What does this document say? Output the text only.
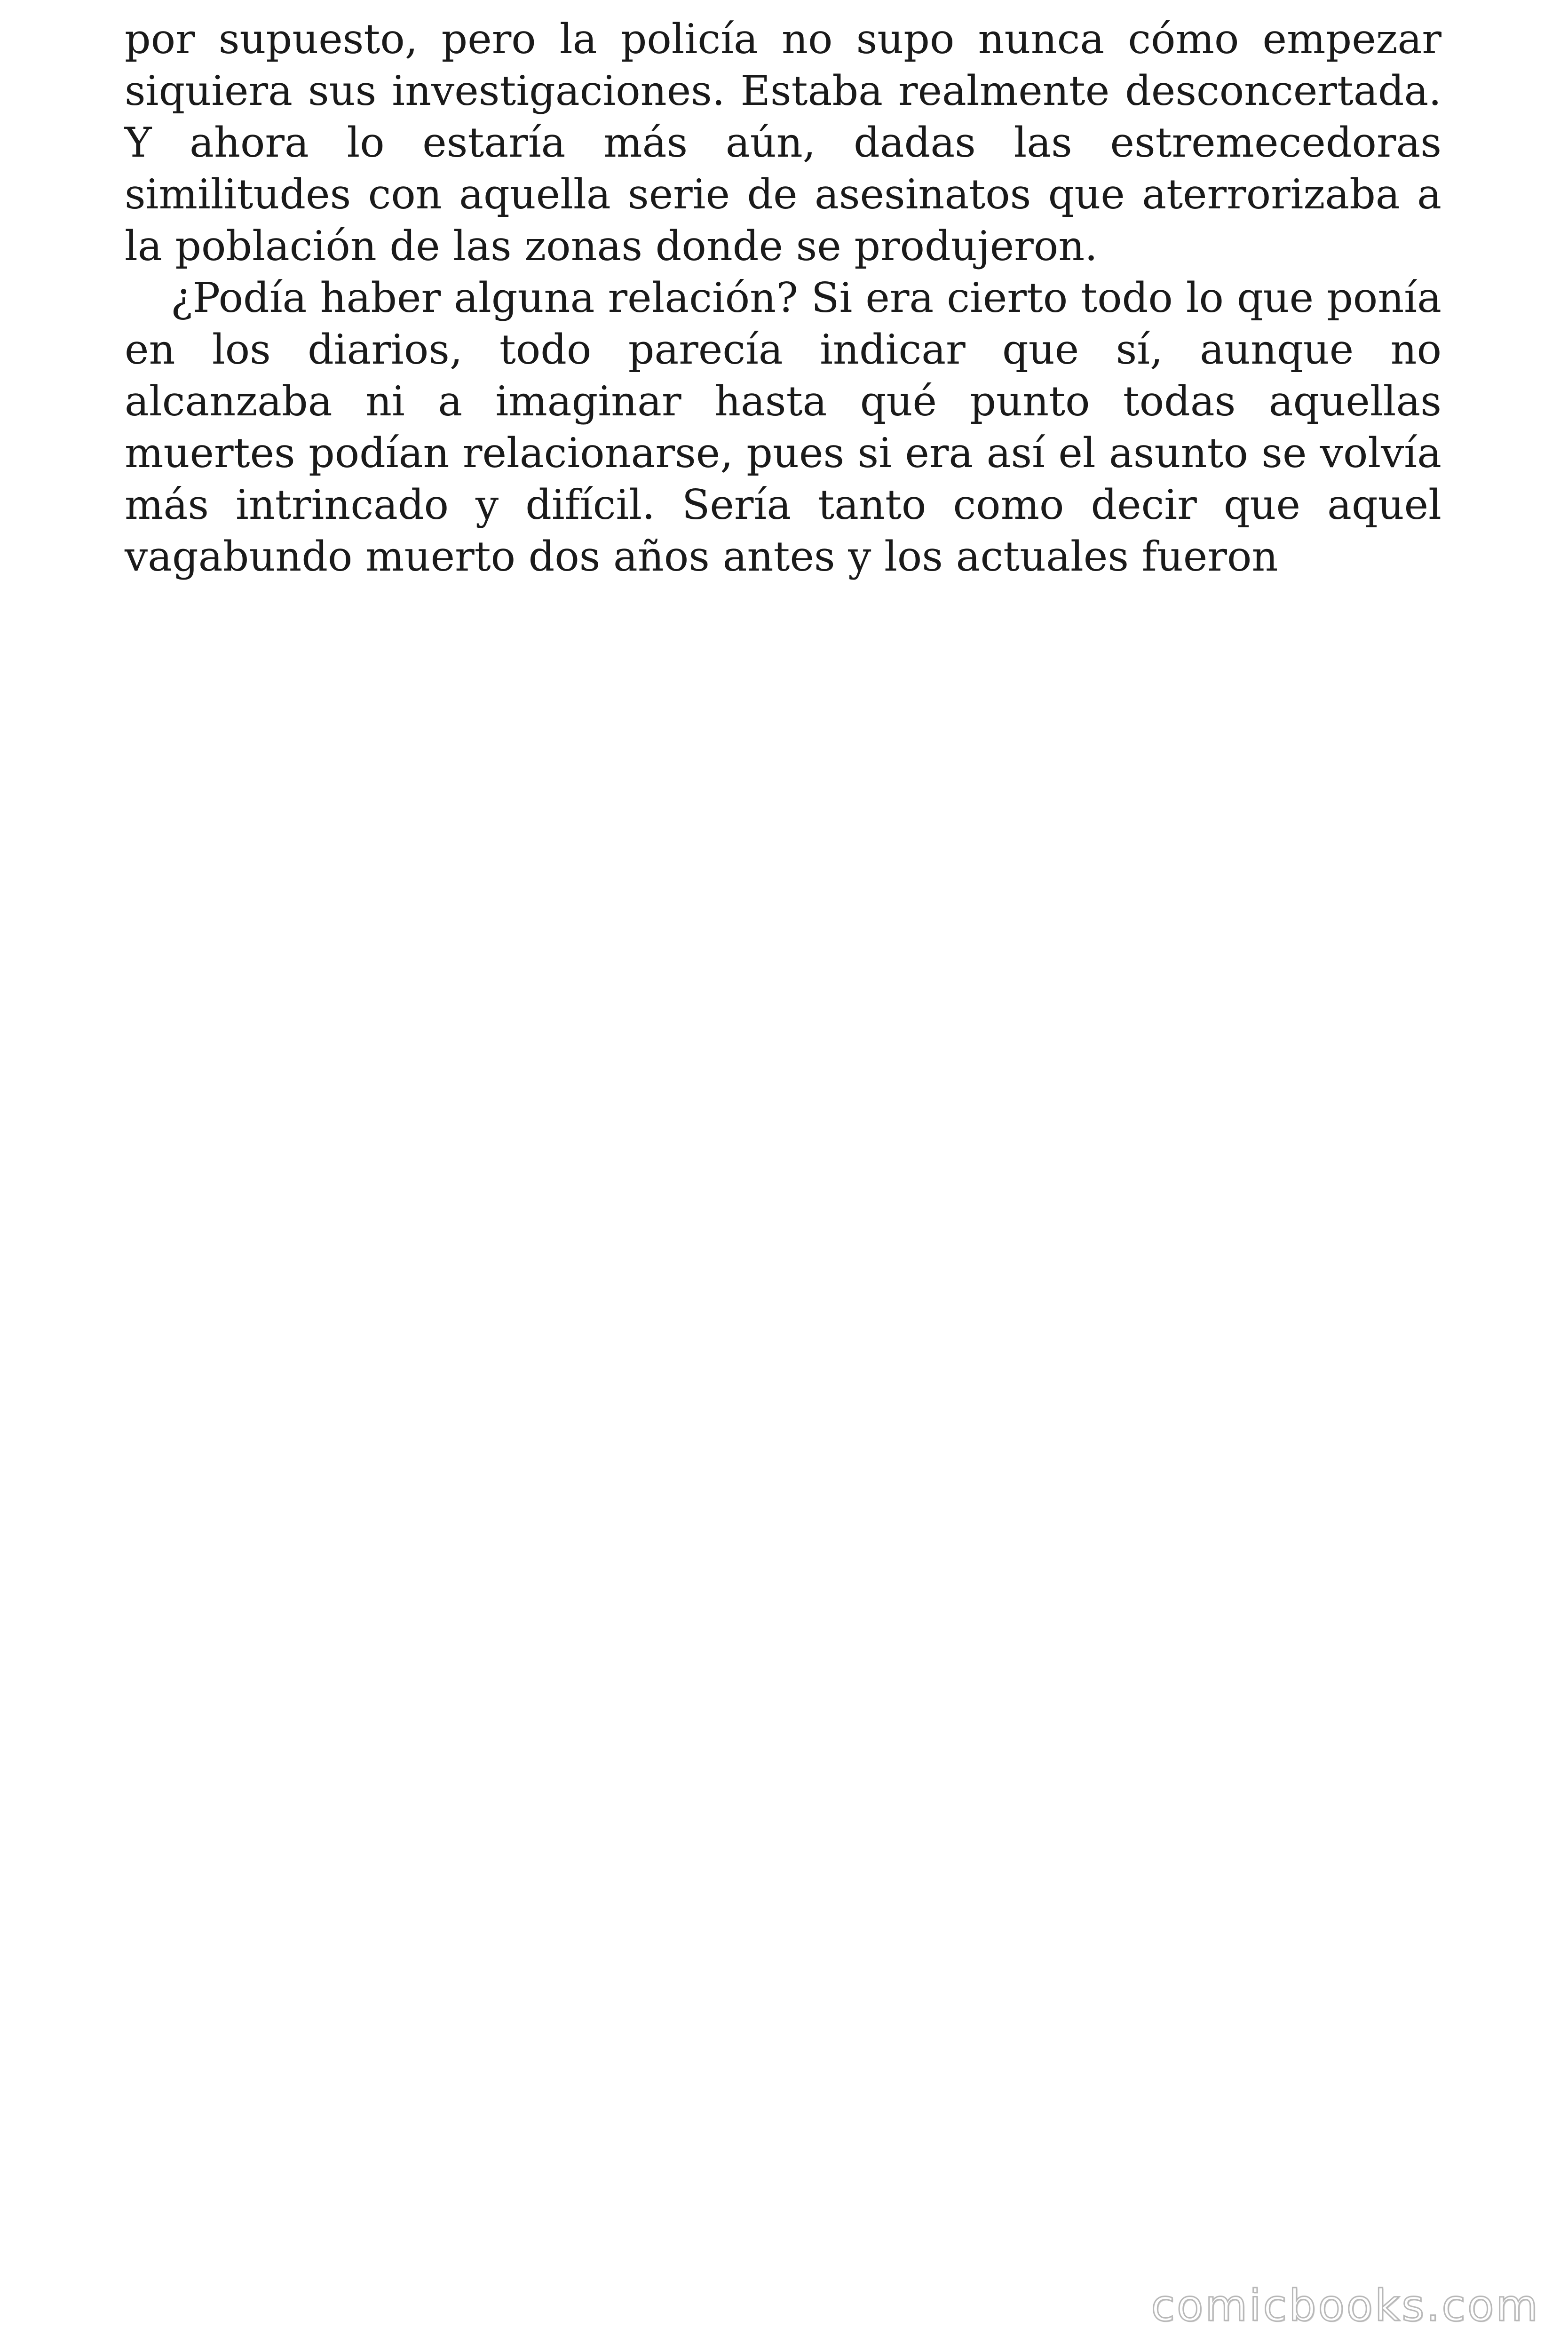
por supuesto, pero la policía no supo nunca cómo empezar siquiera sus investigaciones. Estaba realmente desconcertada. Y ahora lo estaría más aún, dadas las estremecedoras similitudes con aquella serie de asesinatos que aterrorizaba a la población de las zonas donde se produjeron.

¿Podía haber alguna relación? Si era cierto todo lo que ponía en los diarios, todo parecía indicar que sí, aunque no alcanzaba ni a imaginar hasta qué punto todas aquellas muertes podían relacionarse, pues si era así el asunto se volvía más intrincado y difícil. Sería tanto como decir que aquel vagabundo muerto dos años antes y los actuales fueron

comicbooks.com
